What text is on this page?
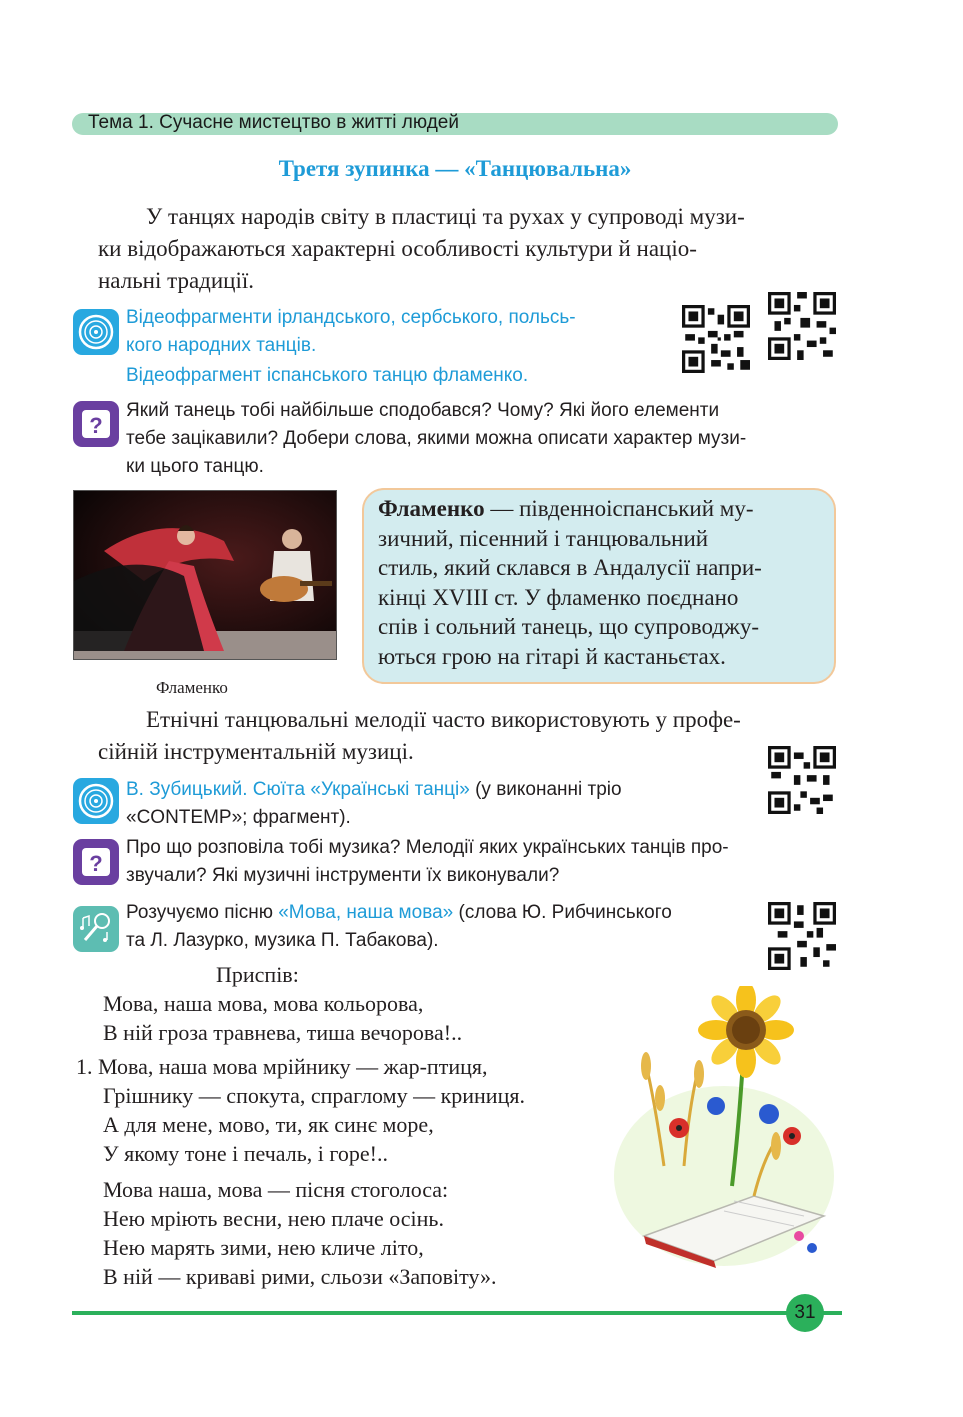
Тема 1. Сучасне мистецтво в житті людей
Третя зупинка — «Танцювальна»
У танцях народів світу в пластиці та рухах у супроводі музи-
ки відображаються характерні особливості культури й націо-
нальні традиції.
Відеофрагменти ірландського, сербського, польсь-
кого народних танців.
Відеофрагмент іспанського танцю фламенко.
?
Який танець тобі найбільше сподобався? Чому? Які його елементи
тебе зацікавили? Добери слова, якими можна описати характер музи-
ки цього танцю.
Фламенко
Фламенко — південноіспанський му-
зичний, пісенний і танцювальний
стиль, який склався в Андалусії напри-
кінці XVIII ст. У фламенко поєднано
спів і сольний танець, що супроводжу-
ються грою на гітарі й кастаньєтах.
Етнічні танцювальні мелодії часто використовують у профе-
сійній інструментальній музиці.
В. Зубицький. Сюїта «Українські танці» (у виконанні тріо
«CONTEMP»; фрагмент).
?
Про що розповіла тобі музика? Мелодії яких українських танців про-
звучали? Які музичні інструменти їх виконували?
Розучуємо пісню «Мова, наша мова» (слова Ю. Рибчинського
та Л. Лазурко, музика П. Табакова).
Приспів:
Мова, наша мова, мова кольорова,
В ній гроза травнева, тиша вечорова!..
1. Мова, наша мова мрійнику — жар-птиця,
Грішнику — спокута, спраглому — криниця.
А для мене, мово, ти, як синє море,
У якому тоне і печаль, і горе!..
Мова наша, мова — пісня стоголоса:
Нею мріють весни, нею плаче осінь.
Нею марять зими, нею кличе літо,
В ній — криваві рими, сльози «Заповіту».
31
